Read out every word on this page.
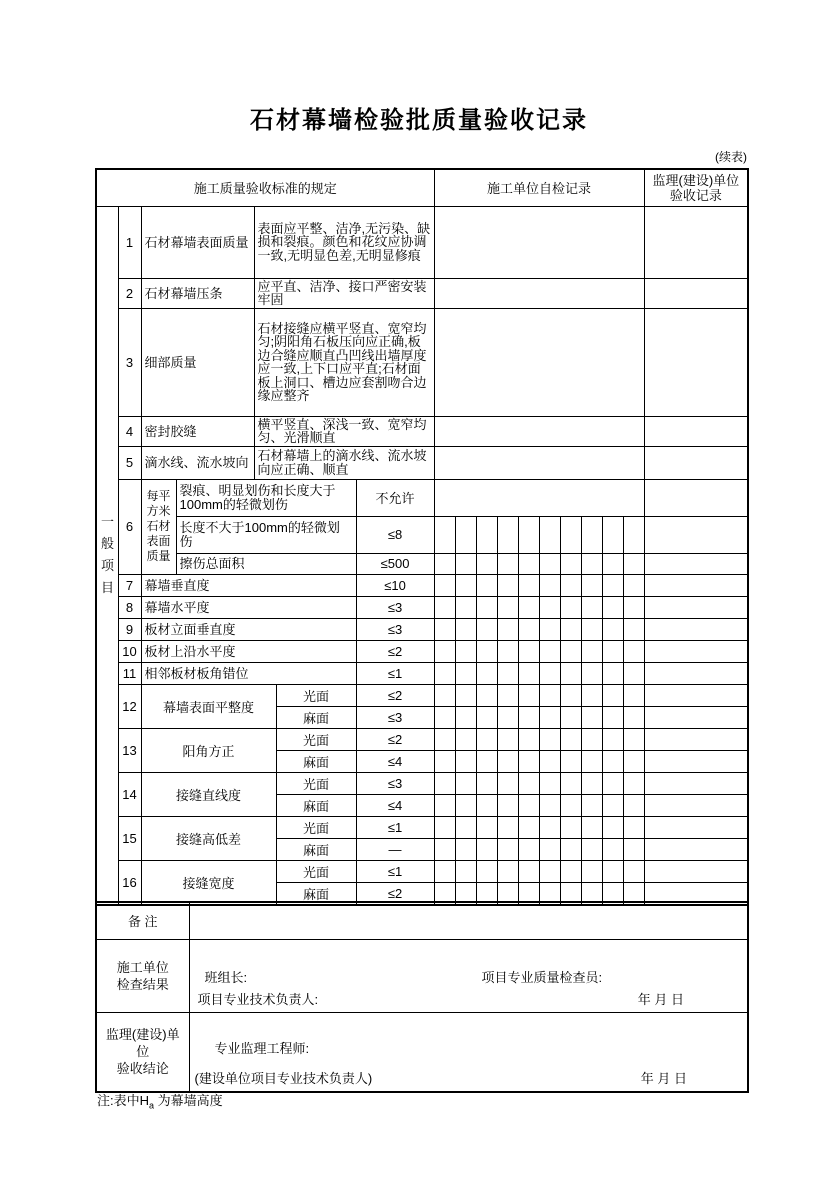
石材幕墙检验批质量验收记录
(续表)
施工质量验收标准的规定							施工单位自检记录										监理(建设)单位
验收记录

一般项目	1	石材幕墙表面质量		表面应平整、洁净,无污染、缺损和裂痕。颜色和花纹应协调一致,无明显色差,无明显修痕													
	2	石材幕墙压条		应平直、洁净、接口严密安装牢固													
	3	细部质量		石材接缝应横平竖直、宽窄均匀;阴阳角石板压向应正确,板边合缝应顺直凸凹线出墙厚度应一致,上下口应平直;石材面板上洞口、槽边应套割吻合边缘应整齐													
	4	密封胶缝		横平竖直、深浅一致、宽窄均匀、光滑顺直													
	5	滴水线、流水坡向		石材幕墙上的滴水线、流水坡向应正确、顺直													
	6	每平方米石材表面质量	裂痕、明显划伤和长度大于100mm的轻微划伤			不允许											
			长度不大于100mm的轻微划伤			≤8											
			擦伤总面积			≤500											
	7	幕墙垂直度				≤10											
	8	幕墙水平度				≤3											
	9	板材立面垂直度				≤3											
	10	板材上沿水平度				≤2											
	11	相邻板材板角错位				≤1											
	12	幕墙表面平整度			光面	≤2											
					麻面	≤3											
	13	阳角方正			光面	≤2											
					麻面	≤4											
	14	接缝直线度			光面	≤3											
					麻面	≤4											
	15	接缝高低差			光面	≤1											
					麻面	—											
	16	接缝宽度			光面	≤1											
					麻面	≤2											
备 注	

施工单位
检查结果	班组长:	项目专业质量检查员:
项目专业技术负责人:	年 月 日

监理(建设)单位
验收结论

专业监理工程师:
(建设单位项目专业技术负责人)	年 月 日
注:表中$H_a$ 为幕墙高度
